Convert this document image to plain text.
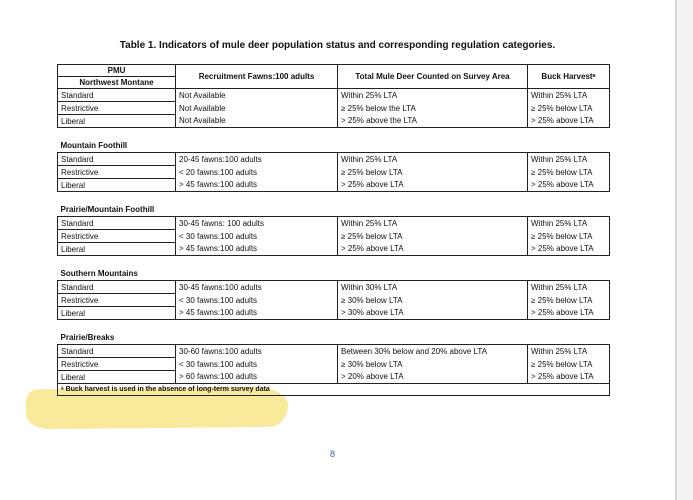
Table 1. Indicators of mule deer population status and corresponding regulation categories.
PMU	Recruitment Fawns:100 adults	Total Mule Deer Counted on Survey Area	Buck Harvestᵃ
Northwest Montane			
Standard	Not Available	Within 25% LTA	Within 25% LTA
Restrictive	Not Available	≥ 25% below the LTA	≥ 25% below LTA
Liberal	Not Available	> 25% above the LTA	> 25% above LTA

Mountain Foothill			
Standard	20-45 fawns:100 adults	Within 25% LTA	Within 25% LTA
Restrictive	< 20 fawns:100 adults	≥ 25% below LTA	≥ 25% below LTA
Liberal	> 45 fawns:100 adults	> 25% above LTA	> 25% above LTA

Prairie/Mountain Foothill			
Standard	30-45 fawns: 100 adults	Within 25% LTA	Within 25% LTA
Restrictive	< 30 fawns:100 adults	≥ 25% below LTA	≥ 25% below LTA
Liberal	> 45 fawns:100 adults	> 25% above LTA	> 25% above LTA

Southern Mountains			
Standard	30-45 fawns:100 adults	Within 30% LTA	Within 25% LTA
Restrictive	< 30 fawns:100 adults	≥ 30% below LTA	≥ 25% below LTA
Liberal	> 45 fawns:100 adults	> 30% above LTA	> 25% above LTA

Prairie/Breaks			
Standard	30-60 fawns:100 adults	Between 30% below and 20% above LTA	Within 25% LTA
Restrictive	< 30 fawns:100 adults	≥ 30% below LTA	≥ 25% below LTA
Liberal	> 60 fawns:100 adults	> 20% above LTA	> 25% above LTA
ᵃ Buck harvest is used in the absence of long-term survey data			
8
